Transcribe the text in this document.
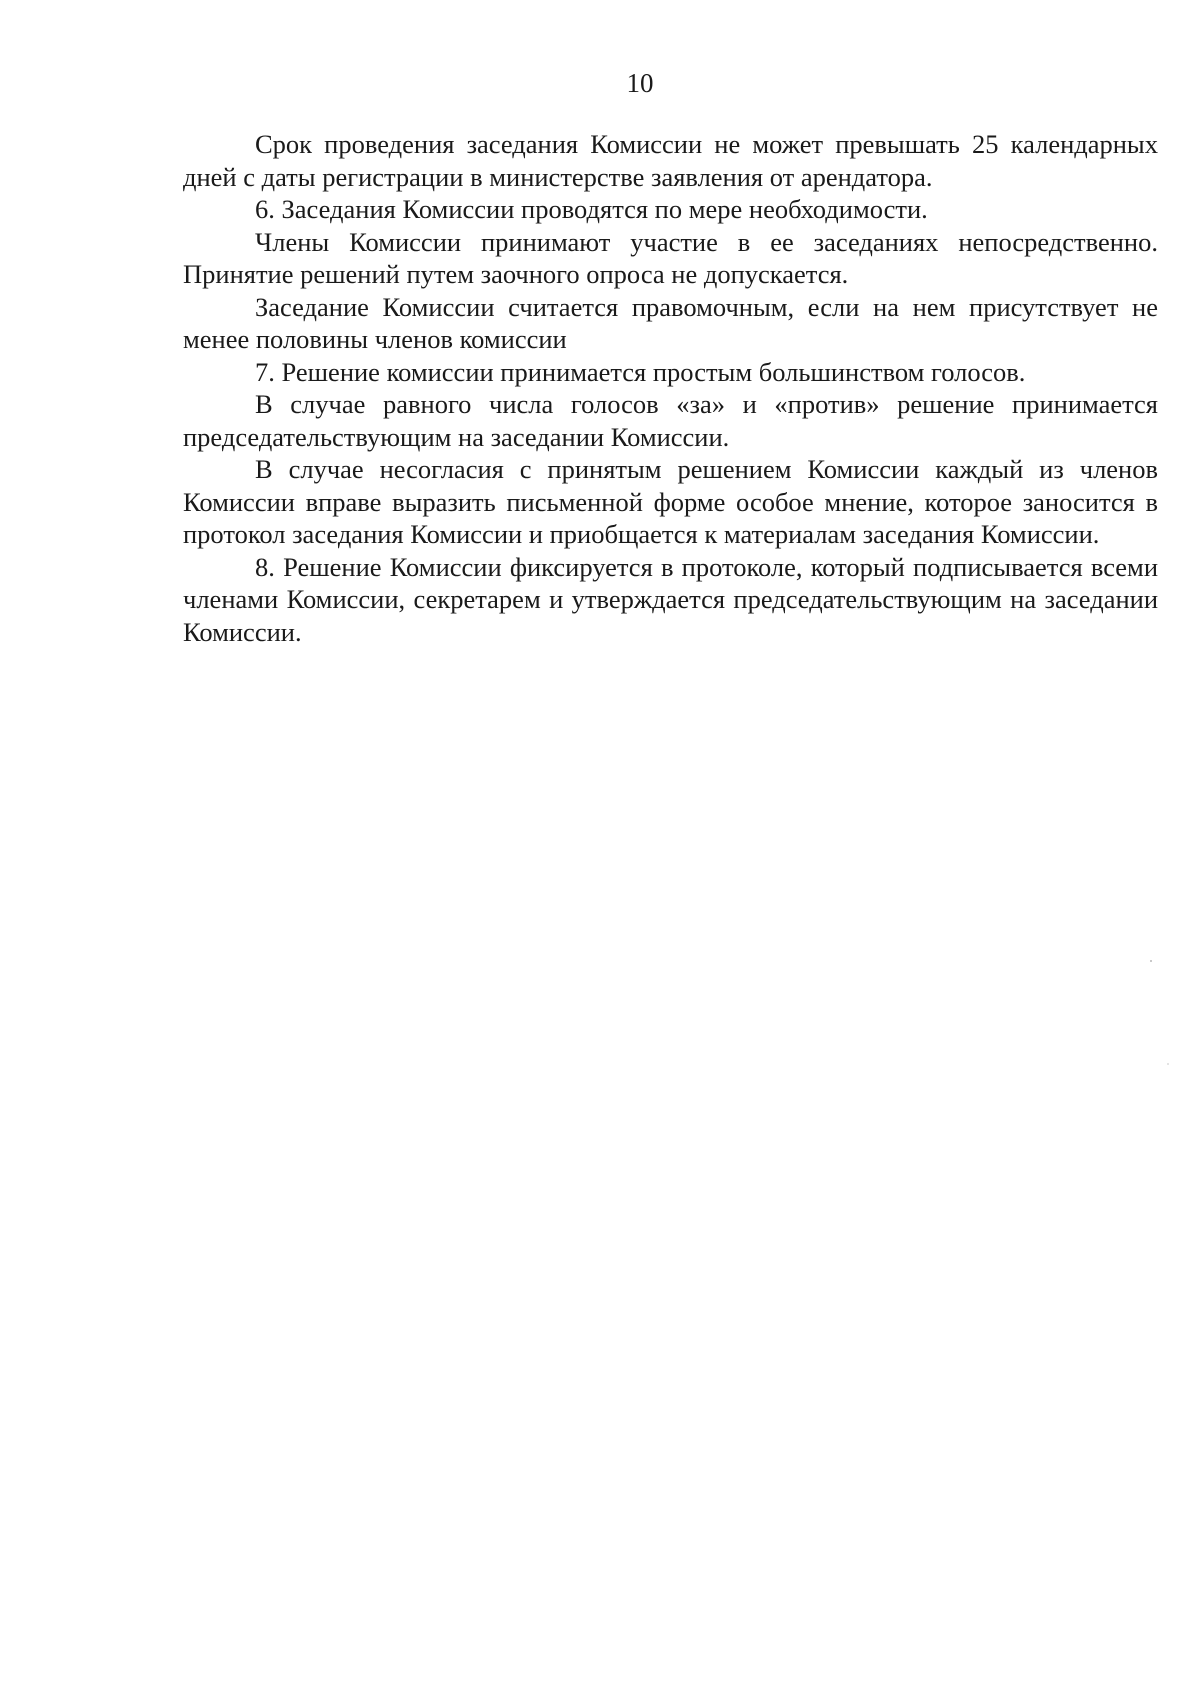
10

Срок проведения заседания Комиссии не может превышать 25 календарных дней с даты регистрации в министерстве заявления от арендатора.

6. Заседания Комиссии проводятся по мере необходимости.

Члены Комиссии принимают участие в ее заседаниях непосредственно. Принятие решений путем заочного опроса не допускается.

Заседание Комиссии считается правомочным, если на нем присутствует не менее половины членов комиссии

7. Решение комиссии принимается простым большинством голосов.

В случае равного числа голосов «за» и «против» решение принимается председательствующим на заседании Комиссии.

В случае несогласия с принятым решением Комиссии каждый из членов Комиссии вправе выразить письменной форме особое мнение, которое заносится в протокол заседания Комиссии и приобщается к материалам заседания Комиссии.

8. Решение Комиссии фиксируется в протоколе, который подписывается всеми членами Комиссии, секретарем и утверждается председательствующим на заседании Комиссии.
